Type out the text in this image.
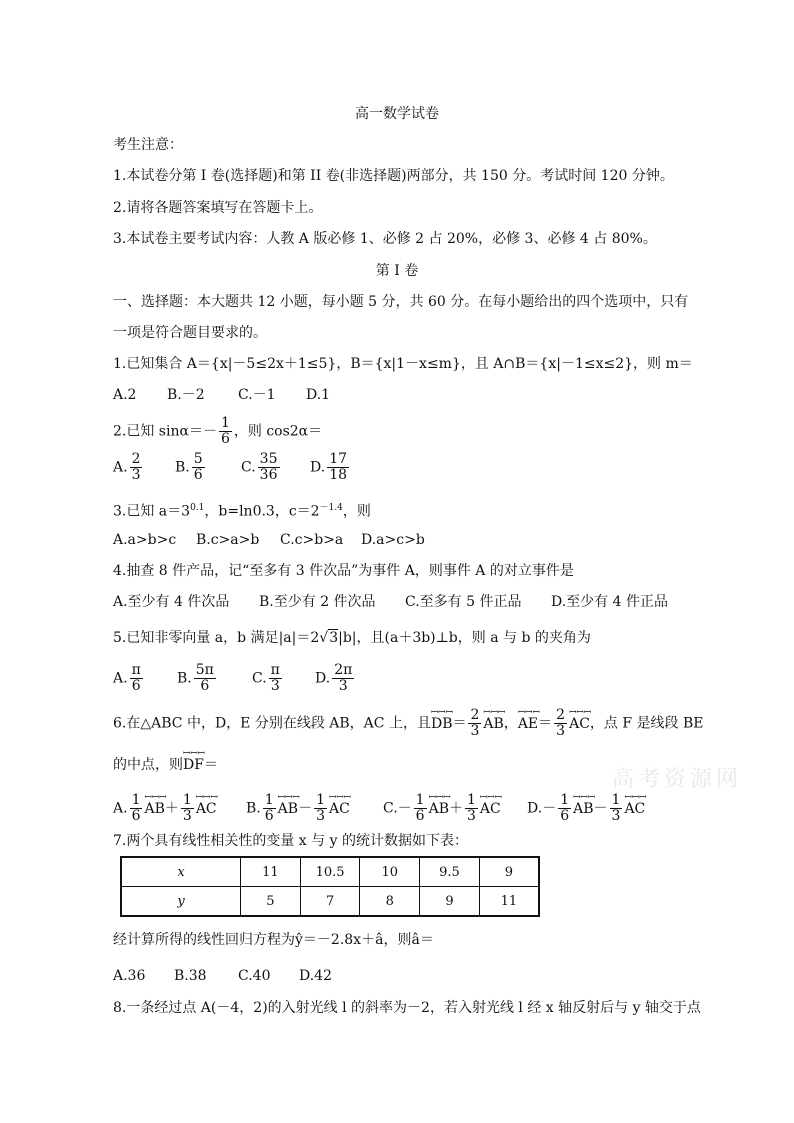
高一数学试卷
考生注意：
1.本试卷分第 I 卷(选择题)和第 II 卷(非选择题)两部分，共 150 分。考试时间 120 分钟。
2.请将各题答案填写在答题卡上。
3.本试卷主要考试内容：人教 A 版必修 1、必修 2 占 20%，必修 3、必修 4 占 80%。
第 I 卷
一、选择题：本大题共 12 小题，每小题 5 分，共 60 分。在每小题给出的四个选项中，只有
一项是符合题目要求的。
1.已知集合 A＝{x|－5≤2x＋1≤5}，B＝{x|1－x≤m}，且 A∩B＝{x|－1≤x≤2}，则 m＝
A.2 B.－2 C.－1 D.1
2.已知 $\sin\alpha=- \frac{1}{6}$ ，则 cos2α＝
A. $\frac{2}{3} B$. $\frac{5}{6}$	C. $\frac{35}{36} D$. $\frac{17}{18}$
3.已知 $a=3^{0.1}$，b=ln0.3，$c=2^{-1.4}$，则
A.a>b>c B.c>a>b C.c>b>a D.a>c>b
4.抽查 8 件产品，记“至多有 3 件次品”为事件 A，则事件 A 的对立事件是
A.至少有 4 件次品 B.至少有 2 件次品 C.至多有 5 件正品 D.至少有 4 件正品
5.已知非零向量 a，b 满足|a|＝2√3|b|，且(a＋3b)⊥b，则 a 与 b 的夹角为
A. $\frac{\pi}{6} B$. $\frac{5\pi}{6}$	C. $\frac{\pi}{3} D$. $\frac{2\pi}{3}$
6.在△ABC 中，D，E 分别在线段 AB，AC 上，且
ꟷꟷꟷ
$DB= \frac{2}{3}$ ꟷꟷꟷ
AB，
ꟷꟷꟷ
$AE= \frac{2}{3}$ ꟷꟷꟷ
AC，点 F 是线段 BE
的中点，则
ꟷꟷꟷ
DF＝
A. $\frac{1}{6}$ ꟷꟷꟷ
$AB+ \frac{1}{3}$ ꟷꟷꟷ
AC B. $\frac{1}{6}$ ꟷꟷꟷ
$AB- \frac{1}{3}$ ꟷꟷꟷ
AC $C.- \frac{1}{6}$ ꟷꟷꟷ
$AB+ \frac{1}{3}$ ꟷꟷꟷ
AC $D.- \frac{1}{6}$ ꟷꟷꟷ
$AB- \frac{1}{3}$ ꟷꟷꟷ
AC
高考资源网
7.两个具有线性相关性的变量 x 与 y 的统计数据如下表：
x	11	10.5	10	9.5	9
y	5	7	8	9	11
经计算所得的线性回归方程为ŷ＝－2.8x＋â，则â＝
A.36 B.38 C.40 D.42
8.一条经过点 A(－4，2)的入射光线 l 的斜率为－2，若入射光线 l 经 x 轴反射后与 y 轴交于点
